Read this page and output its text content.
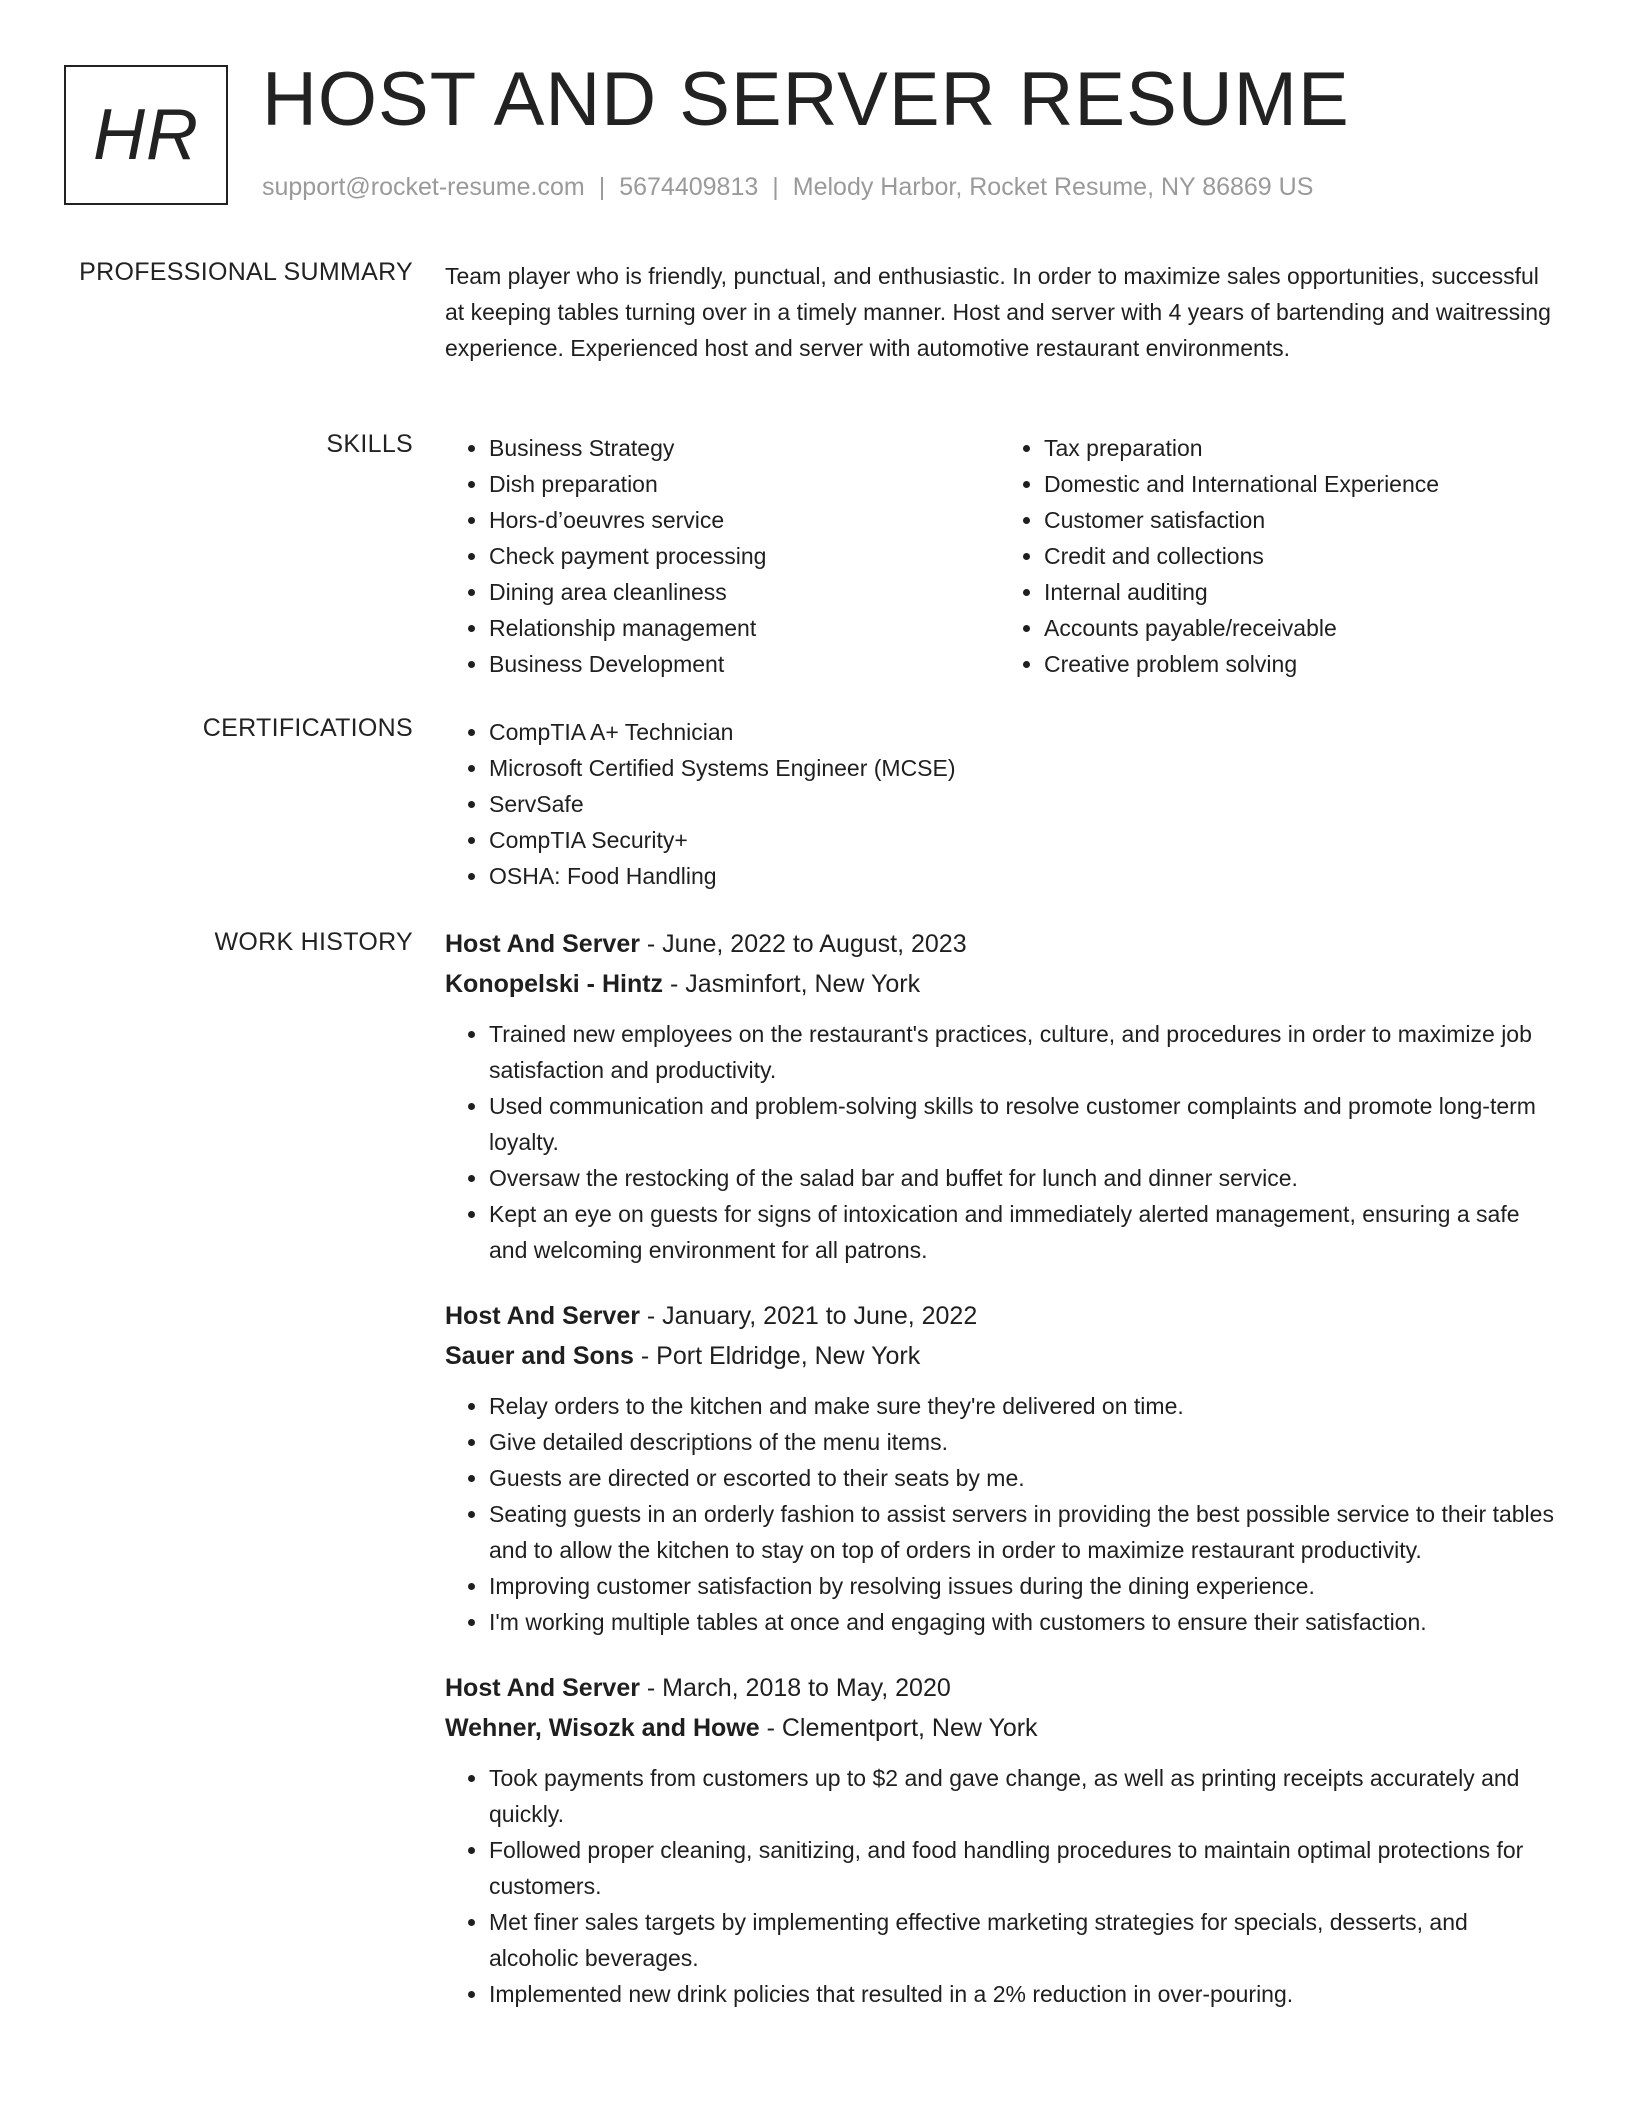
HR HOST AND SERVER RESUME
support@rocket-resume.com | 5674409813 | Melody Harbor, Rocket Resume, NY 86869 US
PROFESSIONAL SUMMARY Team player who is friendly, punctual, and enthusiastic. In order to maximize sales opportunities, successful at keeping tables turning over in a timely manner. Host and server with 4 years of bartending and waitressing experience. Experienced host and server with automotive restaurant environments.

SKILLS	• Business Strategy
• Dish preparation
• Hors-d’oeuvres service
• Check payment processing
• Dining area cleanliness
• Relationship management
• Business Development
• Tax preparation
• Domestic and International Experience
• Customer satisfaction
• Credit and collections
• Internal auditing
• Accounts payable/receivable
• Creative problem solving
CERTIFICATIONS	• CompTIA A+ Technician
• Microsoft Certified Systems Engineer (MCSE)
• ServSafe
• CompTIA Security+
• OSHA: Food Handling
WORK HISTORY Host And Server - June, 2022 to August, 2023

Konopelski - Hintz - Jasminfort, New York

• Trained new employees on the restaurant's practices, culture, and procedures in order to maximize job satisfaction and productivity.
• Used communication and problem-solving skills to resolve customer complaints and promote long-term loyalty.
• Oversaw the restocking of the salad bar and buffet for lunch and dinner service.
• Kept an eye on guests for signs of intoxication and immediately alerted management, ensuring a safe and welcoming environment for all patrons.

Host And Server - January, 2021 to June, 2022

Sauer and Sons - Port Eldridge, New York

• Relay orders to the kitchen and make sure they're delivered on time.
• Give detailed descriptions of the menu items.
• Guests are directed or escorted to their seats by me.
• Seating guests in an orderly fashion to assist servers in providing the best possible service to their tables and to allow the kitchen to stay on top of orders in order to maximize restaurant productivity.
• Improving customer satisfaction by resolving issues during the dining experience.
• I'm working multiple tables at once and engaging with customers to ensure their satisfaction.

Host And Server - March, 2018 to May, 2020

Wehner, Wisozk and Howe - Clementport, New York

• Took payments from customers up to $2 and gave change, as well as printing receipts accurately and quickly.
• Followed proper cleaning, sanitizing, and food handling procedures to maintain optimal protections for customers.
• Met finer sales targets by implementing effective marketing strategies for specials, desserts, and alcoholic beverages.
• Implemented new drink policies that resulted in a 2% reduction in over-pouring.
